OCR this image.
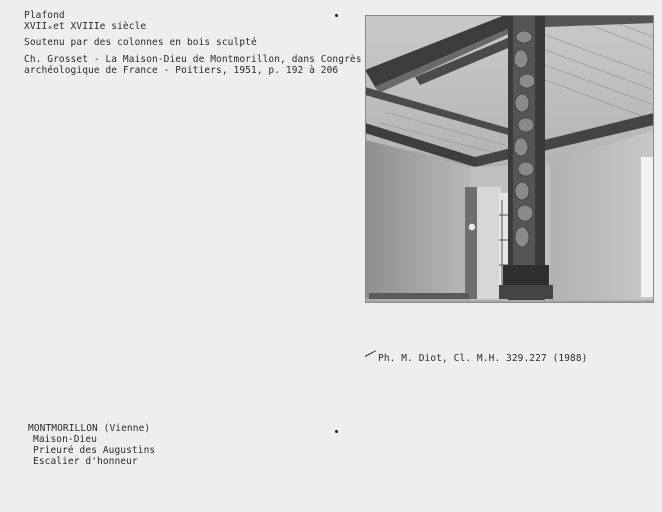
Plafond
XVIIₑet XVIIIe siècle
Soutenu par des colonnes en bois sculpté
Ch. Grosset - La Maison-Dieu de Montmorillon, dans Congrès
archéologique de France - Poitiers, 1951, p. 192 à 206
Ph. M. Diot, Cl. M.H. 329.227 (1988)
MONTMORILLON (Vienne)
Maison-Dieu
Prieuré des Augustins
Escalier d'honneur
